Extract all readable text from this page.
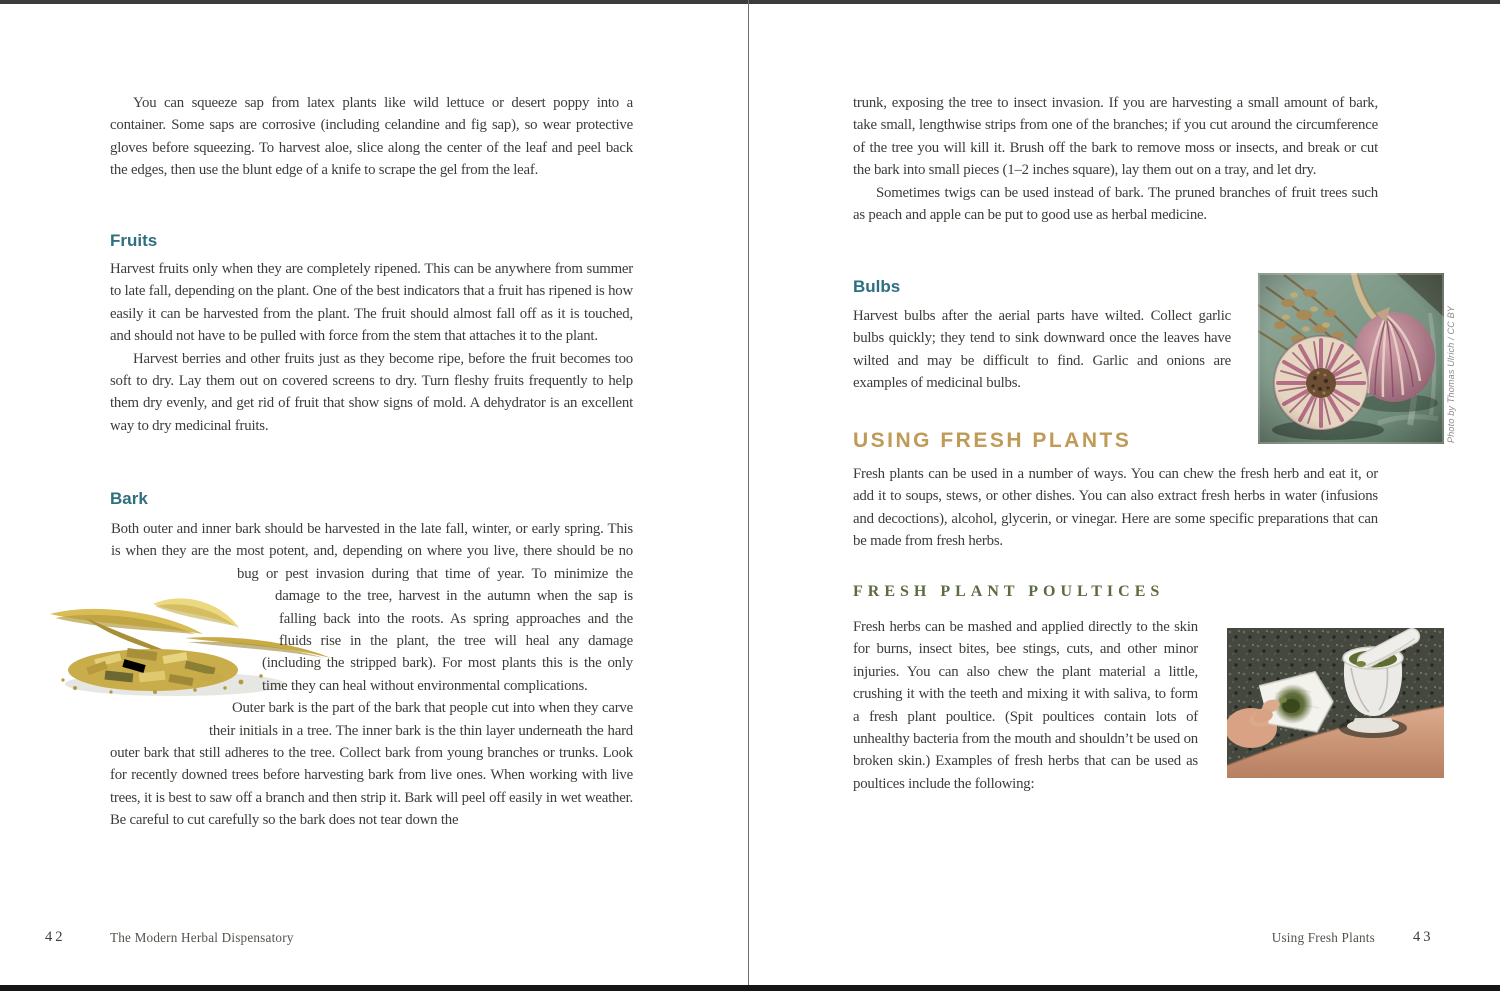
You can squeeze sap from latex plants like wild lettuce or desert poppy into a container. Some saps are corrosive (including celandine and fig sap), so wear protective gloves before squeezing. To harvest aloe, slice along the center of the leaf and peel back the edges, then use the blunt edge of a knife to scrape the gel from the leaf.

Fruits

Harvest fruits only when they are completely ripened. This can be anywhere from summer to late fall, depending on the plant. One of the best indicators that a fruit has ripened is how easily it can be harvested from the plant. The fruit should almost fall off as it is touched, and should not have to be pulled with force from the stem that attaches it to the plant.

Harvest berries and other fruits just as they become ripe, before the fruit becomes too soft to dry. Lay them out on covered screens to dry. Turn fleshy fruits frequently to help them dry evenly, and get rid of fruit that show signs of mold. A dehydrator is an excellent way to dry medicinal fruits.

Bark

Both outer and inner bark should be harvested in the late fall, winter, or early spring. This is when they are the most potent, and, depending on where you live, there should be no bug or pest invasion during that time of year. To minimize the damage to the tree, harvest in the autumn when the sap is falling back into the roots. As spring approaches and the fluids rise in the plant, the tree will heal any damage (including the stripped bark). For most plants this is the only time they can heal without environmental complications.

Outer bark is the part of the bark that people cut into when they carve their initials in a tree. The inner bark is the thin layer underneath the hard outer bark that still adheres to the tree. Collect bark from young branches or trunks. Look for recently downed trees before harvesting bark from live ones. When working with live trees, it is best to saw off a branch and then strip it. Bark will peel off easily in wet weather. Be careful to cut carefully so the bark does not tear down the

42	The Modern Herbal Dispensatory

trunk, exposing the tree to insect invasion. If you are harvesting a small amount of bark, take small, lengthwise strips from one of the branches; if you cut around the circumference of the tree you will kill it. Brush off the bark to remove moss or insects, and break or cut the bark into small pieces (1–2 inches square), lay them out on a tray, and let dry.

Sometimes twigs can be used instead of bark. The pruned branches of fruit trees such as peach and apple can be put to good use as herbal medicine.

Bulbs

Harvest bulbs after the aerial parts have wilted. Collect garlic bulbs quickly; they tend to sink downward once the leaves have wilted and may be difficult to find. Garlic and onions are examples of medicinal bulbs.	Photo by Thomas Ulrich / CC BY
USING FRESH PLANTS

Fresh plants can be used in a number of ways. You can chew the fresh herb and eat it, or add it to soups, stews, or other dishes. You can also extract fresh herbs in water (infusions and decoctions), alcohol, glycerin, or vinegar. Here are some specific preparations that can be made from fresh herbs.

FRESH PLANT POULTICES

Fresh herbs can be mashed and applied directly to the skin for burns, insect bites, bee stings, cuts, and other minor injuries. You can also chew the plant material a little, crushing it with the teeth and mixing it with saliva, to form a fresh plant poultice. (Spit poultices contain lots of unhealthy bacteria from the mouth and shouldn’t be used on broken skin.) Examples of fresh herbs that can be used as poultices include the following:

Using Fresh Plants	43
